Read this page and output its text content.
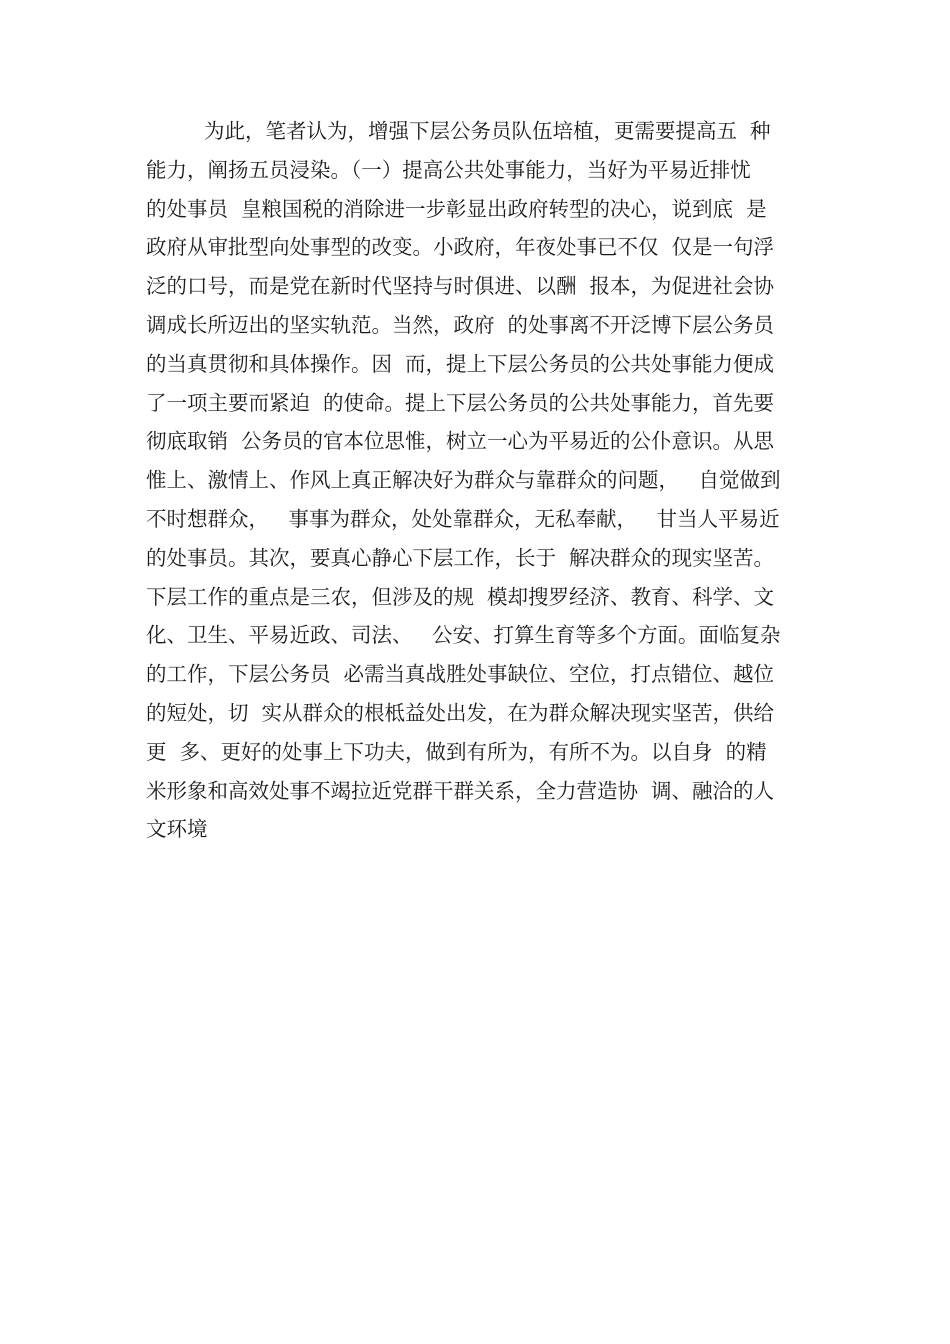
为此，笔者认为，增强下层公务员队伍培植，更需要提高五  种
能力，阐扬五员浸染。（一）提高公共处事能力，当好为平易近排忧
的处事员  皇粮国税的消除进一步彰显出政府转型的决心，说到底  是
政府从审批型向处事型的改变。小政府，年夜处事已不仅  仅是一句浮
泛的口号，而是党在新时代坚持与时俱进、以酬  报本，为促进社会协
调成长所迈出的坚实轨范。当然，政府  的处事离不开泛博下层公务员
的当真贯彻和具体操作。因  而，提上下层公务员的公共处事能力便成
了一项主要而紧迫  的使命。提上下层公务员的公共处事能力，首先要
彻底取销  公务员的官本位思惟，树立一心为平易近的公仆意识。从思
惟上、激情上、作风上真正解决好为群众与靠群众的问题，   自觉做到
不时想群众，   事事为群众，处处靠群众，无私奉献，   甘当人平易近
的处事员。其次，要真心静心下层工作，长于  解决群众的现实坚苦。
下层工作的重点是三农，但涉及的规  模却搜罗经济、教育、科学、文
化、卫生、平易近政、司法、   公安、打算生育等多个方面。面临复杂
的工作，下层公务员  必需当真战胜处事缺位、空位，打点错位、越位
的短处，切  实从群众的根柢益处出发，在为群众解决现实坚苦，供给
更  多、更好的处事上下功夫，做到有所为，有所不为。以自身  的精
米形象和高效处事不竭拉近党群干群关系，全力营造协  调、融洽的人
文环境
